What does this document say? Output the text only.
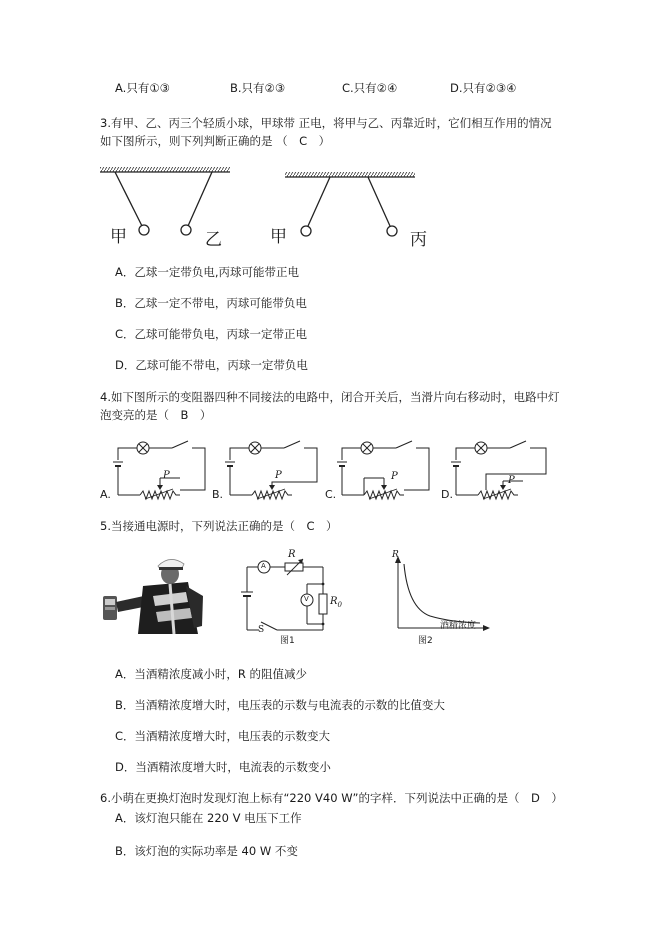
A.只有①③	B.只有②③	C.只有②④	D.只有②③④
3.有甲、乙、丙三个轻质小球，甲球带 正电，将甲与乙、丙靠近时，它们相互作用的情况
如下图所示，则下列判断正确的是 （　C　）
甲	乙	甲	丙
A．乙球一定带负电,丙球可能带正电
B．乙球一定不带电，丙球可能带负电
C．乙球可能带负电，丙球一定带正电
D．乙球可能不带电，丙球一定带负电
4.如下图所示的变阻器四种不同接法的电路中，闭合开关后，当滑片向右移动时，电路中灯
泡变亮的是（　B　）
A.	B.	C.	D.
P	P	P	P
5.当接通电源时，下列说法正确的是（　C　）
A
V
R
$R_0$
S
图1
R
酒精浓度
图2
A．当酒精浓度减小时，R 的阻值减少
B．当酒精浓度增大时，电压表的示数与电流表的示数的比值变大
C．当酒精浓度增大时，电压表的示数变大
D．当酒精浓度增大时，电流表的示数变小
6.小萌在更换灯泡时发现灯泡上标有“220 V40 W”的字样．下列说法中正确的是（　D　）
A．该灯泡只能在 220 V 电压下工作
B．该灯泡的实际功率是 40 W 不变
